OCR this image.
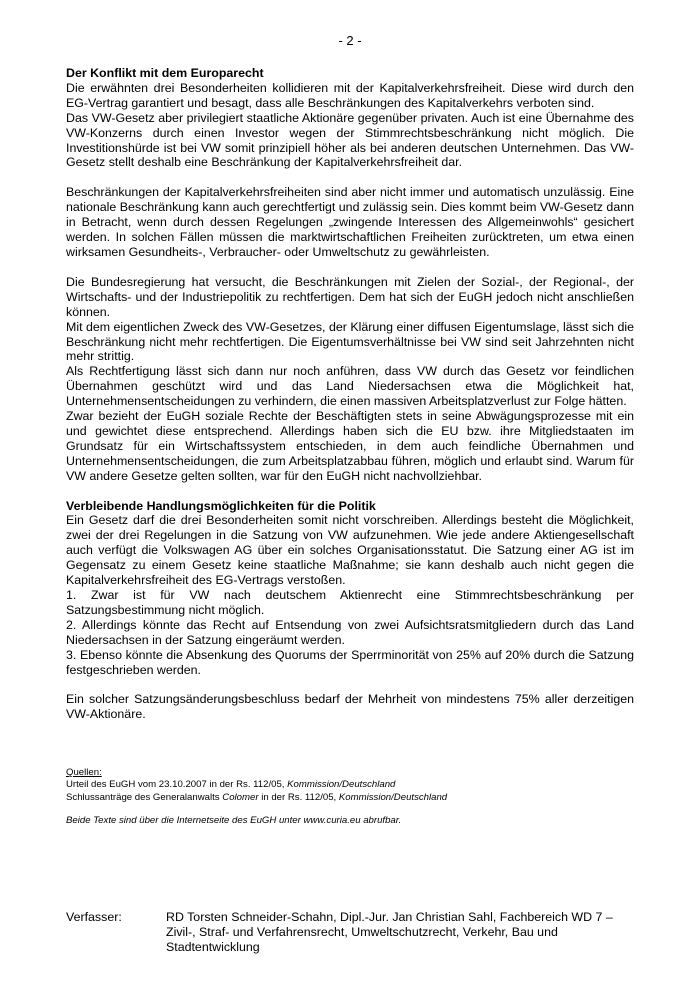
- 2 -
Der Konflikt mit dem Europarecht

Die erwähnten drei Besonderheiten kollidieren mit der Kapitalverkehrsfreiheit. Diese wird durch den EG-Vertrag garantiert und besagt, dass alle Beschränkungen des Kapitalverkehrs verboten sind.

Das VW-Gesetz aber privilegiert staatliche Aktionäre gegenüber privaten. Auch ist eine Übernahme des VW-Konzerns durch einen Investor wegen der Stimmrechtsbeschränkung nicht möglich. Die Investitionshürde ist bei VW somit prinzipiell höher als bei anderen deutschen Unternehmen. Das VW-Gesetz stellt deshalb eine Beschränkung der Kapitalverkehrsfreiheit dar.

Beschränkungen der Kapitalverkehrsfreiheiten sind aber nicht immer und automatisch unzulässig. Eine nationale Beschränkung kann auch gerechtfertigt und zulässig sein. Dies kommt beim VW-Gesetz dann in Betracht, wenn durch dessen Regelungen „zwingende Interessen des Allgemeinwohls“ gesichert werden. In solchen Fällen müssen die marktwirtschaftlichen Freiheiten zurücktreten, um etwa einen wirksamen Gesundheits-, Verbraucher- oder Umweltschutz zu gewährleisten.

Die Bundesregierung hat versucht, die Beschränkungen mit Zielen der Sozial-, der Regional-, der Wirtschafts- und der Industriepolitik zu rechtfertigen. Dem hat sich der EuGH jedoch nicht anschließen können.

Mit dem eigentlichen Zweck des VW-Gesetzes, der Klärung einer diffusen Eigentumslage, lässt sich die Beschränkung nicht mehr rechtfertigen. Die Eigentumsverhältnisse bei VW sind seit Jahrzehnten nicht mehr strittig.

Als Rechtfertigung lässt sich dann nur noch anführen, dass VW durch das Gesetz vor feindlichen Übernahmen geschützt wird und das Land Niedersachsen etwa die Möglichkeit hat, Unternehmensentscheidungen zu verhindern, die einen massiven Arbeitsplatzverlust zur Folge hätten.

Zwar bezieht der EuGH soziale Rechte der Beschäftigten stets in seine Abwägungsprozesse mit ein und gewichtet diese entsprechend. Allerdings haben sich die EU bzw. ihre Mitgliedstaaten im Grundsatz für ein Wirtschaftssystem entschieden, in dem auch feindliche Übernahmen und Unternehmensentscheidungen, die zum Arbeitsplatzabbau führen, möglich und erlaubt sind. Warum für VW andere Gesetze gelten sollten, war für den EuGH nicht nachvollziehbar.

Verbleibende Handlungsmöglichkeiten für die Politik

Ein Gesetz darf die drei Besonderheiten somit nicht vorschreiben. Allerdings besteht die Möglichkeit, zwei der drei Regelungen in die Satzung von VW aufzunehmen. Wie jede andere Aktiengesellschaft auch verfügt die Volkswagen AG über ein solches Organisationsstatut. Die Satzung einer AG ist im Gegensatz zu einem Gesetz keine staatliche Maßnahme; sie kann deshalb auch nicht gegen die Kapitalverkehrsfreiheit des EG-Vertrags verstoßen.

1. Zwar ist für VW nach deutschem Aktienrecht eine Stimmrechtsbeschränkung per Satzungsbestimmung nicht möglich.

2. Allerdings könnte das Recht auf Entsendung von zwei Aufsichtsratsmitgliedern durch das Land Niedersachsen in der Satzung eingeräumt werden.

3. Ebenso könnte die Absenkung des Quorums der Sperrminorität von 25% auf 20% durch die Satzung festgeschrieben werden.

Ein solcher Satzungsänderungsbeschluss bedarf der Mehrheit von mindestens 75% aller derzeitigen VW-Aktionäre.

Quellen:

Urteil des EuGH vom 23.10.2007 in der Rs. 112/05, Kommission/Deutschland

Schlussanträge des Generalanwalts Colomer in der Rs. 112/05, Kommission/Deutschland

Beide Texte sind über die Internetseite des EuGH unter www.curia.eu abrufbar.

Verfasser:	RD Torsten Schneider-Schahn, Dipl.-Jur. Jan Christian Sahl, Fachbereich WD 7 – Zivil-, Straf- und Verfahrensrecht, Umweltschutzrecht, Verkehr, Bau und Stadtentwicklung
